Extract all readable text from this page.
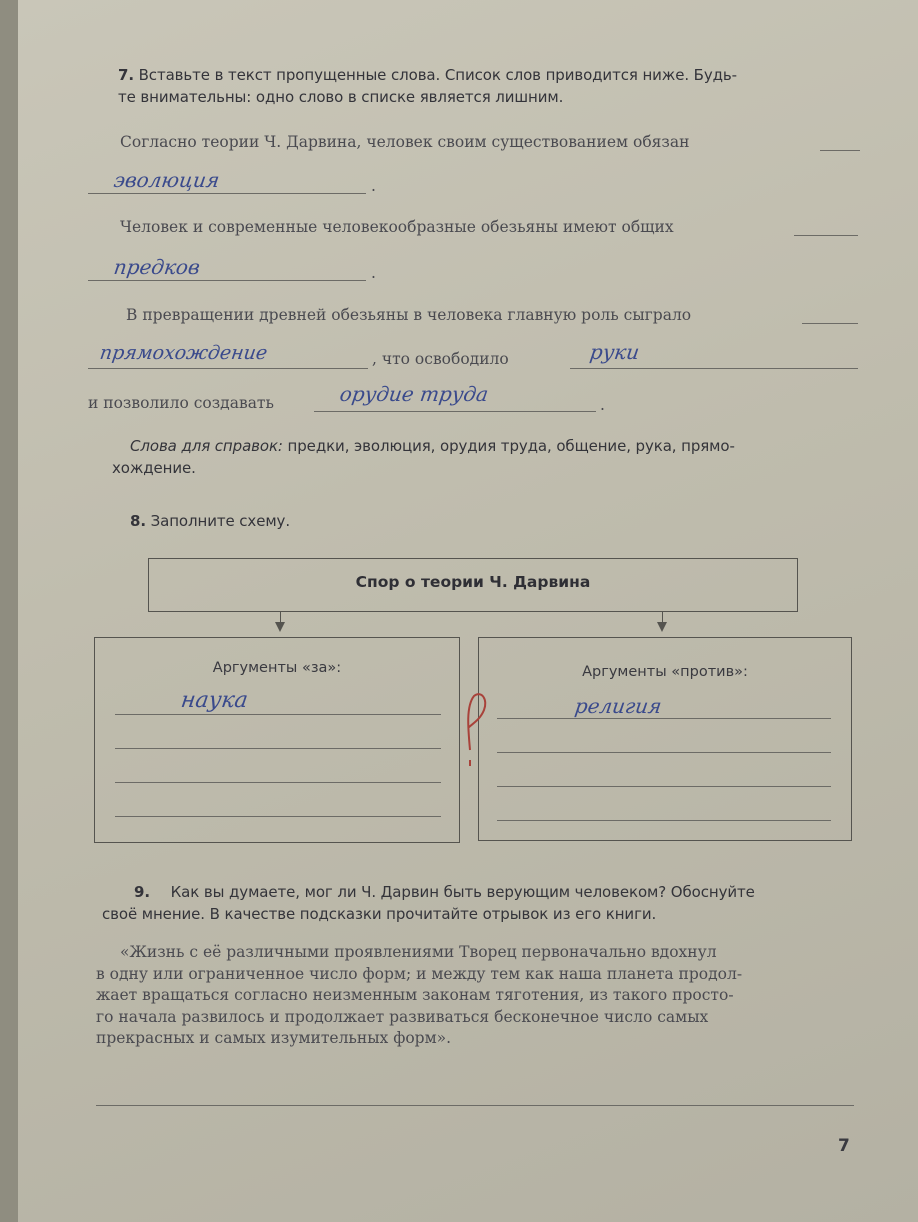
7. Вставьте в текст пропущенные слова. Список слов приводится ниже. Будь-
те внимательны: одно слово в списке является лишним.
Согласно теории Ч. Дарвина, человек своим существованием обязан
эволюция	.
Человек и современные человекообразные обезьяны имеют общих
предков	.
В превращении древней обезьяны в человека главную роль сыграло
прямохождение	, что освободило	руки
и позволило создавать	орудие труда	.
Слова для справок: предки, эволюция, орудия труда, общение, рука, прямо-
хождение.
8. Заполните схему.
Спор о теории Ч. Дарвина
Аргументы «за»:
наука
Аргументы «против»:
религия
9. Как вы думаете, мог ли Ч. Дарвин быть верующим человеком? Обоснуйте
своё мнение. В качестве подсказки прочитайте отрывок из его книги.
«Жизнь с её различными проявлениями Творец первоначально вдохнул
в одну или ограниченное число форм; и между тем как наша планета продол-
жает вращаться согласно неизменным законам тяготения, из такого просто-
го начала развилось и продолжает развиваться бесконечное число самых
прекрасных и самых изумительных форм».
7
